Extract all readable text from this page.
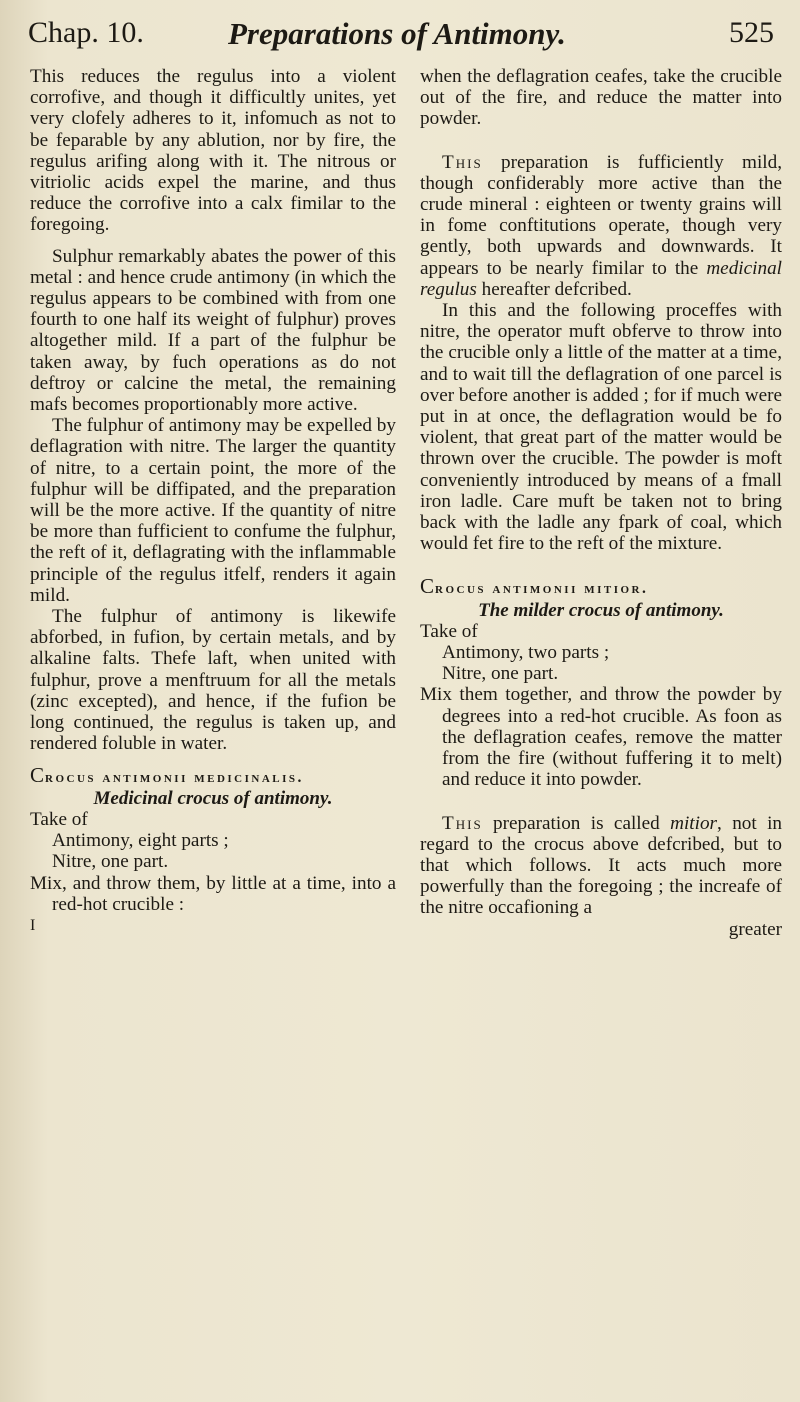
Chap. 10.	Preparations of Antimony.	525

This reduces the regulus into a violent corrofive, and though it difficultly unites, yet very clofely adheres to it, infomuch as not to be feparable by any ablution, nor by fire, the regulus arifing along with it. The nitrous or vitriolic acids expel the marine, and thus reduce the corrofive into a calx fimilar to the foregoing.

Sulphur remarkably abates the power of this metal : and hence crude antimony (in which the regulus appears to be combined with from one fourth to one half its weight of fulphur) proves altogether mild. If a part of the fulphur be taken away, by fuch operations as do not deftroy or calcine the metal, the remaining mafs becomes proportionably more active.

The fulphur of antimony may be expelled by deflagration with nitre. The larger the quantity of nitre, to a certain point, the more of the fulphur will be diffipated, and the preparation will be the more active. If the quantity of nitre be more than fufficient to confume the fulphur, the reft of it, deflagrating with the inflammable principle of the regulus itfelf, renders it again mild.

The fulphur of antimony is likewife abforbed, in fufion, by certain metals, and by alkaline falts. Thefe laft, when united with fulphur, prove a menftruum for all the metals (zinc excepted), and hence, if the fufion be long continued, the regulus is taken up, and rendered foluble in water.

Crocus antimonii medicinalis.

Medicinal crocus of antimony.

Take of

Antimony, eight parts ;

Nitre, one part.

Mix, and throw them, by little at a time, into a red-hot crucible :

I

when the deflagration ceafes, take the crucible out of the fire, and reduce the matter into powder.

This preparation is fufficiently mild, though confiderably more active than the crude mineral : eighteen or twenty grains will in fome conftitutions operate, though very gently, both upwards and downwards. It appears to be nearly fimilar to the medicinal regulus hereafter defcribed.

In this and the following proceffes with nitre, the operator muft obferve to throw into the crucible only a little of the matter at a time, and to wait till the deflagration of one parcel is over before another is added ; for if much were put in at once, the deflagration would be fo violent, that great part of the matter would be thrown over the crucible. The powder is moft conveniently introduced by means of a fmall iron ladle. Care muft be taken not to bring back with the ladle any fpark of coal, which would fet fire to the reft of the mixture.

Crocus antimonii mitior.

The milder crocus of antimony.

Take of

Antimony, two parts ;

Nitre, one part.

Mix them together, and throw the powder by degrees into a red-hot crucible. As foon as the deflagration ceafes, remove the matter from the fire (without fuffering it to melt) and reduce it into powder.

This preparation is called mitior, not in regard to the crocus above defcribed, but to that which follows. It acts much more powerfully than the foregoing ; the increafe of the nitre occafioning a

greater
